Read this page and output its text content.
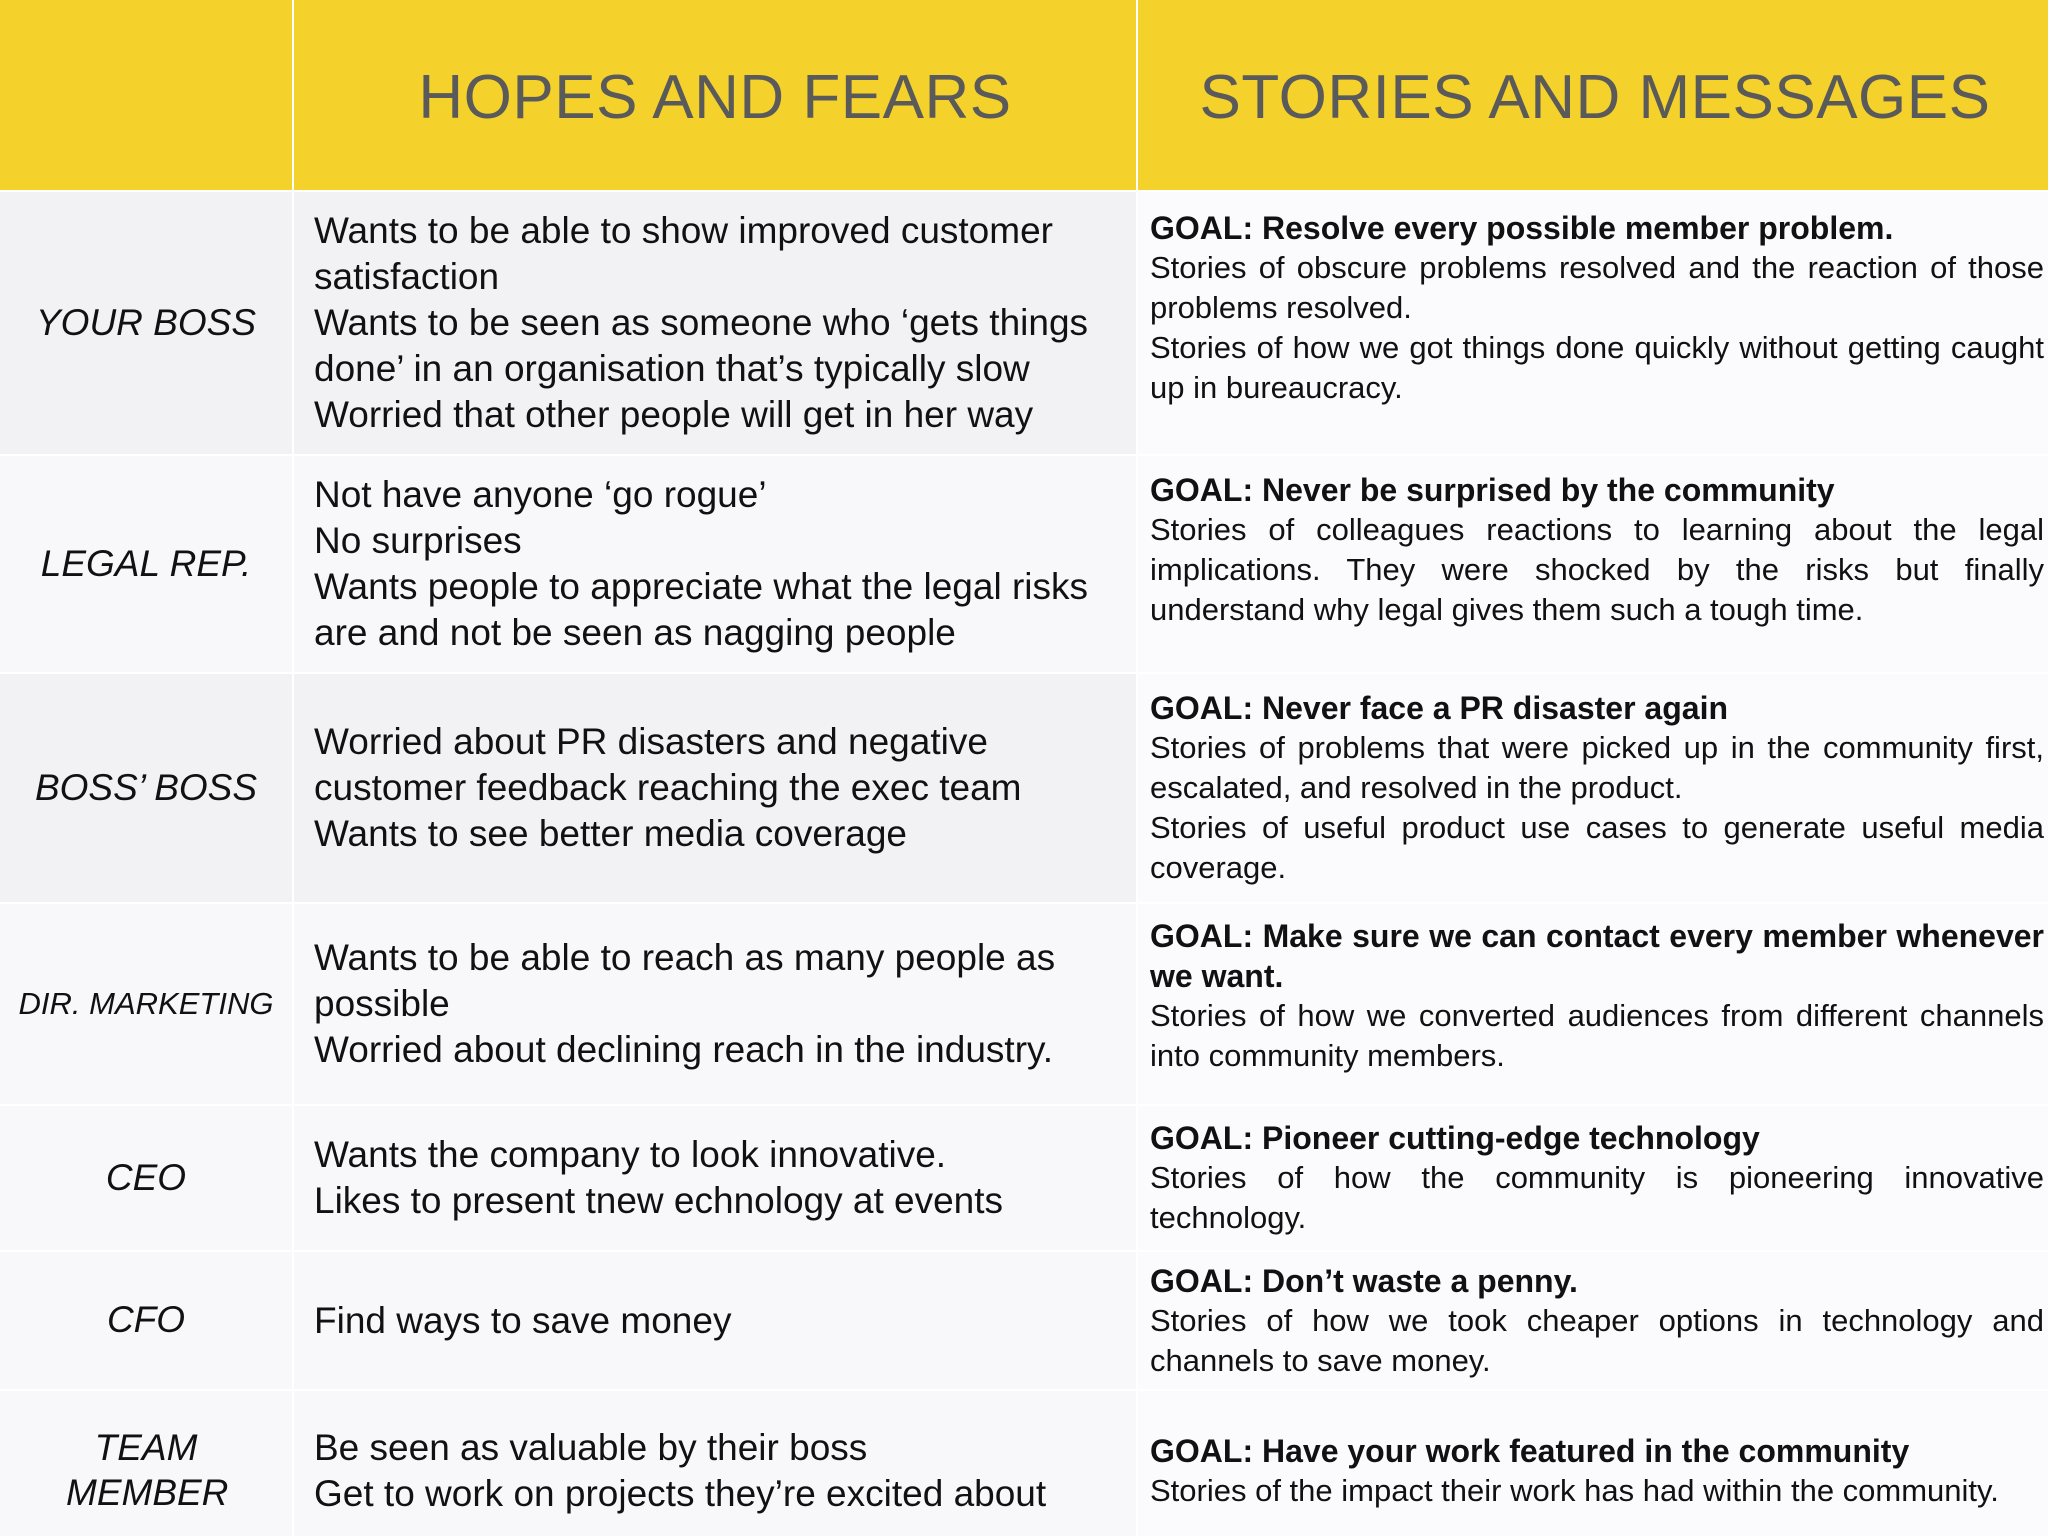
HOPES AND FEARS	STORIES AND MESSAGES
YOUR BOSS
Wants to be able to show improved customer satisfaction
Wants to be seen as someone who ‘gets things done’ in an organisation that’s typically slow
Worried that other people will get in her way
GOAL: Resolve every possible member problem.
Stories of obscure problems resolved and the reaction of those problems resolved.
Stories of how we got things done quickly without getting caught up in bureaucracy.
LEGAL REP.
Not have anyone ‘go rogue’
No surprises
Wants people to appreciate what the legal risks are and not be seen as nagging people
GOAL: Never be surprised by the community
Stories of colleagues reactions to learning about the legal implications. They were shocked by the risks but finally understand why legal gives them such a tough time.
BOSS’ BOSS
Worried about PR disasters and negative customer feedback reaching the exec team
Wants to see better media coverage
GOAL: Never face a PR disaster again
Stories of problems that were picked up in the community first, escalated, and resolved in the product.
Stories of useful product use cases to generate useful media coverage.
DIR. MARKETING
Wants to be able to reach as many people as possible
Worried about declining reach in the industry.
GOAL: Make sure we can contact every member whenever we want.
Stories of how we converted audiences from different channels into community members.
CEO
Wants the company to look innovative.
Likes to present tnew echnology at events
GOAL: Pioneer cutting-edge technology
Stories of how the community is pioneering innovative technology.
CFO	Find ways to save money
GOAL: Don’t waste a penny.
Stories of how we took cheaper options in technology and channels to save money.
TEAM MEMBER
Be seen as valuable by their boss
Get to work on projects they’re excited about
GOAL: Have your work featured in the community
Stories of the impact their work has had within the community.
